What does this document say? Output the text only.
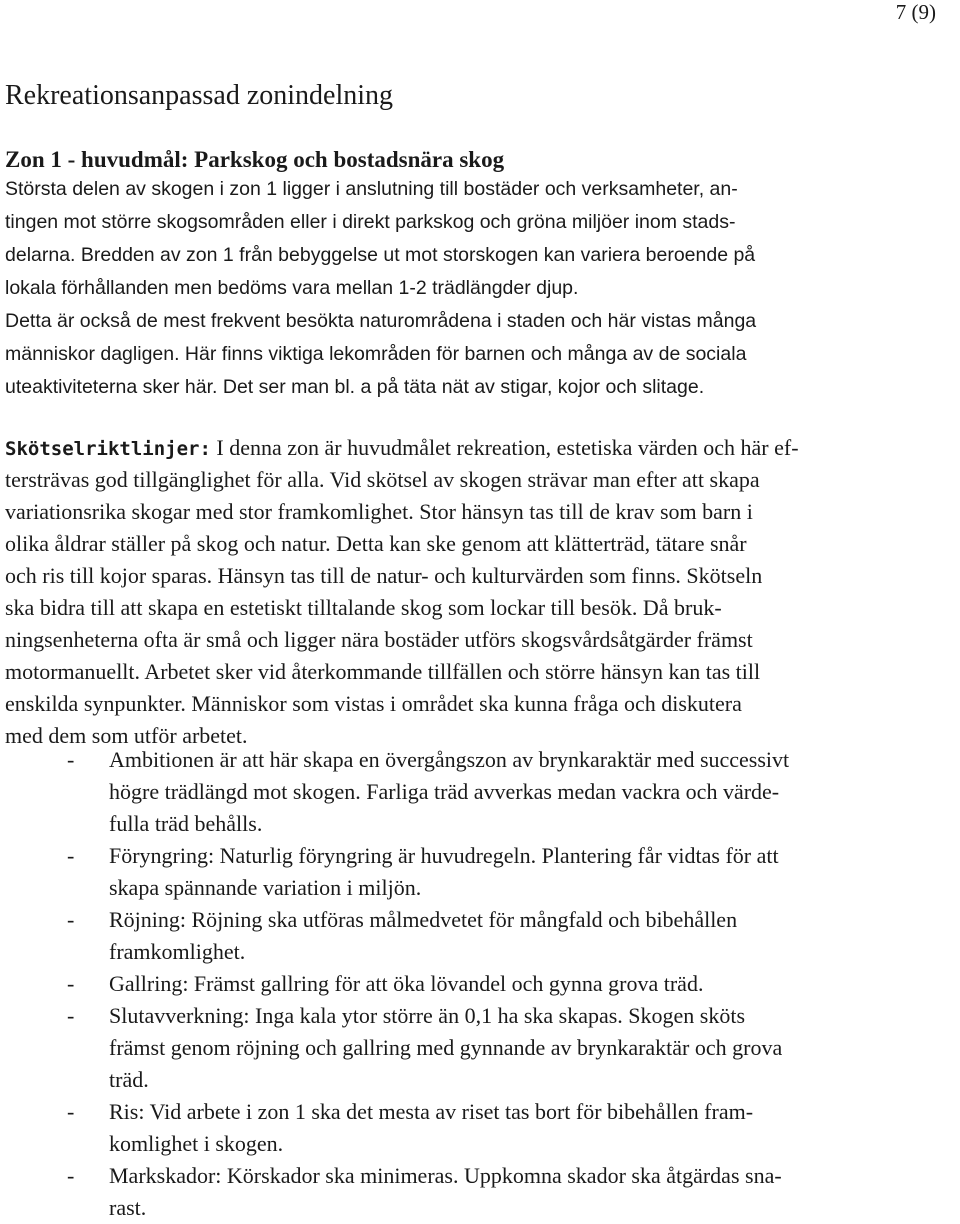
7 (9)
Rekreationsanpassad zonindelning
Zon 1 - huvudmål: Parkskog och bostadsnära skog
Största delen av skogen i zon 1 ligger i anslutning till bostäder och verksamheter, an-
tingen mot större skogsområden eller i direkt parkskog och gröna miljöer inom stads-
delarna. Bredden av zon 1 från bebyggelse ut mot storskogen kan variera beroende på
lokala förhållanden men bedöms vara mellan 1-2 trädlängder djup.
Detta är också de mest frekvent besökta naturområdena i staden och här vistas många
människor dagligen. Här finns viktiga lekområden för barnen och många av de sociala
uteaktiviteterna sker här. Det ser man bl. a på täta nät av stigar, kojor och slitage.
Skötselriktlinjer: I denna zon är huvudmålet rekreation, estetiska värden och här ef-
tersträvas god tillgänglighet för alla. Vid skötsel av skogen strävar man efter att skapa
variationsrika skogar med stor framkomlighet. Stor hänsyn tas till de krav som barn i
olika åldrar ställer på skog och natur. Detta kan ske genom att klätterträd, tätare snår
och ris till kojor sparas. Hänsyn tas till de natur- och kulturvärden som finns. Skötseln
ska bidra till att skapa en estetiskt tilltalande skog som lockar till besök. Då bruk-
ningsenheterna ofta är små och ligger nära bostäder utförs skogsvårdsåtgärder främst
motormanuellt. Arbetet sker vid återkommande tillfällen och större hänsyn kan tas till
enskilda synpunkter. Människor som vistas i området ska kunna fråga och diskutera
med dem som utför arbetet.
- Ambitionen är att här skapa en övergångszon av brynkaraktär med successivt
högre trädlängd mot skogen. Farliga träd avverkas medan vackra och värde-
fulla träd behålls.
- Föryngring: Naturlig föryngring är huvudregeln. Plantering får vidtas för att
skapa spännande variation i miljön.
- Röjning: Röjning ska utföras målmedvetet för mångfald och bibehållen
framkomlighet.
- Gallring: Främst gallring för att öka lövandel och gynna grova träd.
- Slutavverkning: Inga kala ytor större än 0,1 ha ska skapas. Skogen sköts
främst genom röjning och gallring med gynnande av brynkaraktär och grova
träd.
- Ris: Vid arbete i zon 1 ska det mesta av riset tas bort för bibehållen fram-
komlighet i skogen.
- Markskador: Körskador ska minimeras. Uppkomna skador ska åtgärdas sna-
rast.
